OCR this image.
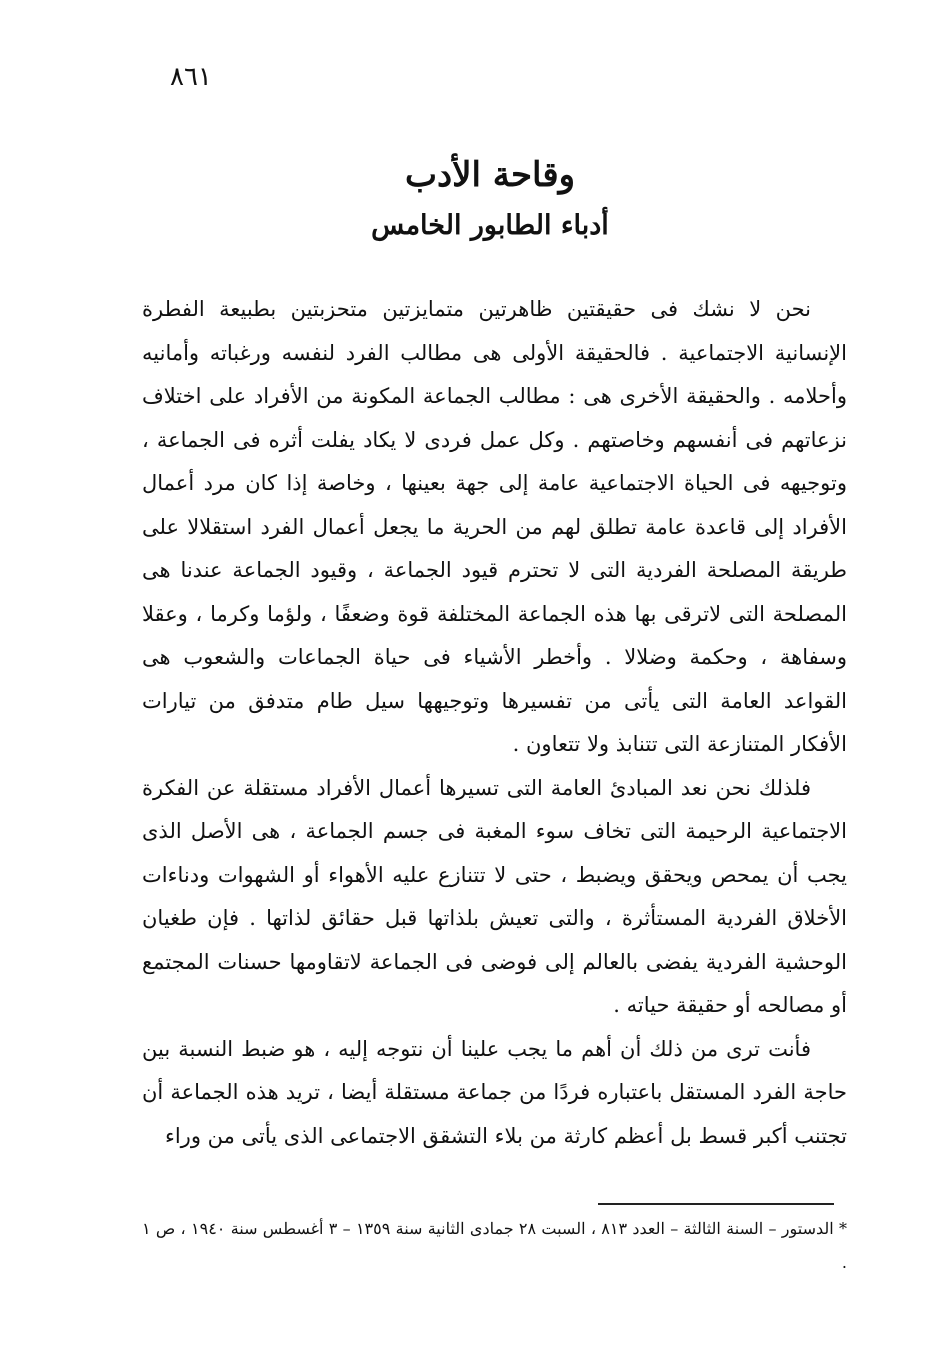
٨٦١
وقاحة الأدب
أدباء الطابور الخامس

نحن لا نشك فى حقيقتين ظاهرتين متمايزتين متحزبتين بطبيعة الفطرة الإنسانية الاجتماعية . فالحقيقة الأولى هى مطالب الفرد لنفسه ورغباته وأمانيه وأحلامه . والحقيقة الأخرى هى : مطالب الجماعة المكونة من الأفراد على اختلاف نزعاتهم فى أنفسهم وخاصتهم . وكل عمل فردى لا يكاد يفلت أثره فى الجماعة ، وتوجيهه فى الحياة الاجتماعية عامة إلى جهة بعينها ، وخاصة إذا كان مرد أعمال الأفراد إلى قاعدة عامة تطلق لهم من الحرية ما يجعل أعمال الفرد استقلالا على طريقة المصلحة الفردية التى لا تحترم قيود الجماعة ، وقيود الجماعة عندنا هى المصلحة التى لاترقى بها هذه الجماعة المختلفة قوة وضعفًا ، ولؤما وكرما ، وعقلا وسفاهة ، وحكمة وضلالا . وأخطر الأشياء فى حياة الجماعات والشعوب هى القواعد العامة التى يأتى من تفسيرها وتوجيهها سيل طام متدفق من تيارات الأفكار المتنازعة التى تتنابذ ولا تتعاون .

فلذلك نحن نعد المبادئ العامة التى تسيرها أعمال الأفراد مستقلة عن الفكرة الاجتماعية الرحيمة التى تخاف سوء المغبة فى جسم الجماعة ، هى الأصل الذى يجب أن يمحص ويحقق ويضبط ، حتى لا تتنازع عليه الأهواء أو الشهوات ودناءات الأخلاق الفردية المستأثرة ، والتى تعيش بلذاتها قبل حقائق لذاتها . فإن طغيان الوحشية الفردية يفضى بالعالم إلى فوضى فى الجماعة لاتقاومها حسنات المجتمع أو مصالحه أو حقيقة حياته .

فأنت ترى من ذلك أن أهم ما يجب علينا أن نتوجه إليه ، هو ضبط النسبة بين حاجة الفرد المستقل باعتباره فردًا من جماعة مستقلة أيضا ، تريد هذه الجماعة أن تجتنب أكبر قسط بل أعظم كارثة من بلاء التشقق الاجتماعى الذى يأتى من وراء

* الدستور – السنة الثالثة – العدد ٨١٣ ، السبت ٢٨ جمادى الثانية سنة ١٣٥٩ – ٣ أغسطس سنة ١٩٤٠ ، ص ١ .
